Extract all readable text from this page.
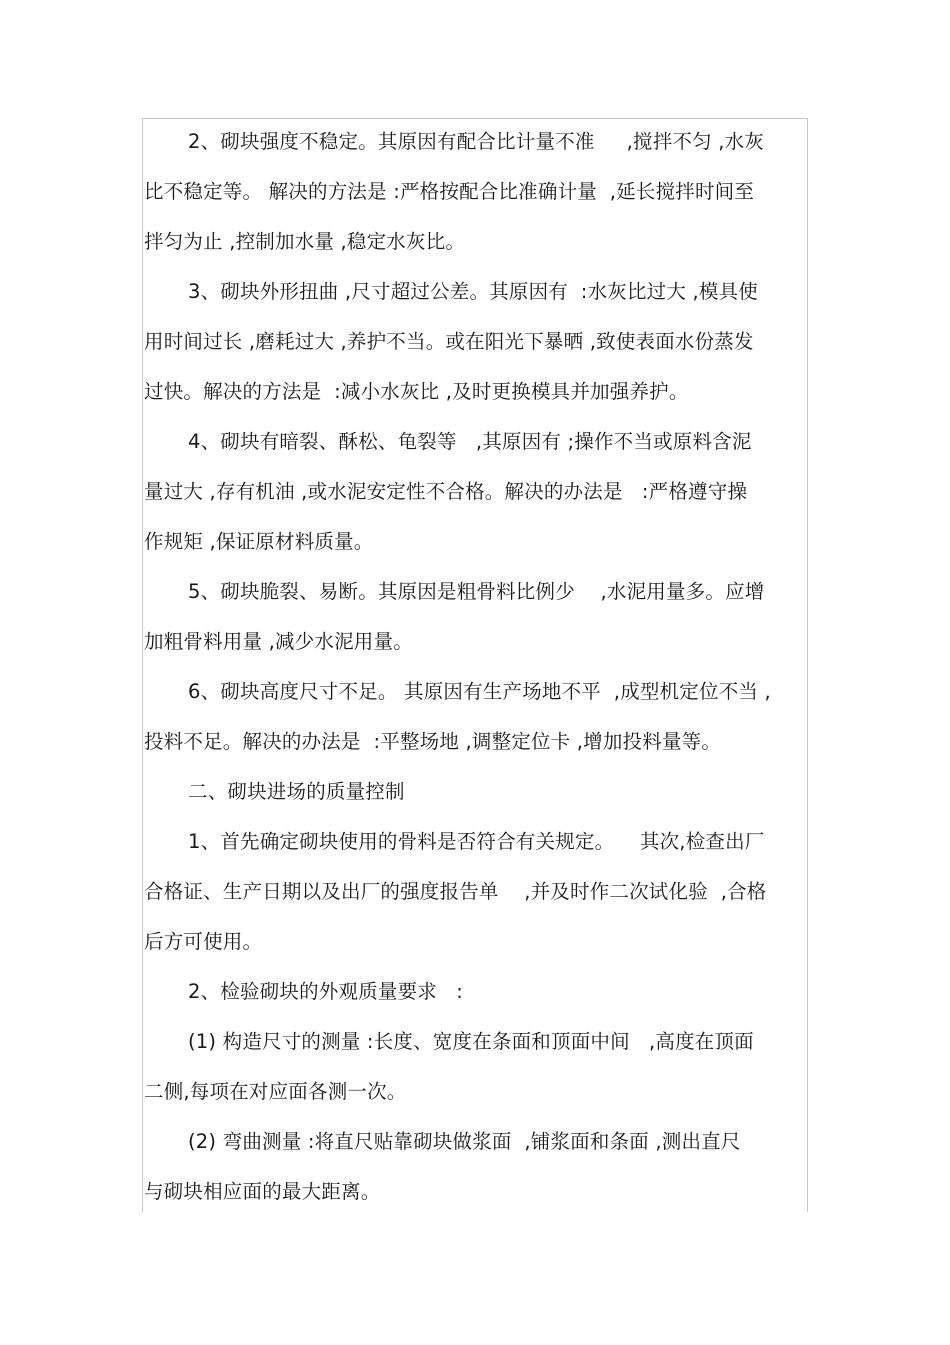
2、砌块强度不稳定。其原因有配合比计量不准     ,搅拌不匀 ,水灰
比不稳定等。 解决的方法是 :严格按配合比准确计量  ,延长搅拌时间至
拌匀为止 ,控制加水量 ,稳定水灰比。
3、砌块外形扭曲 ,尺寸超过公差。其原因有  :水灰比过大 ,模具使
用时间过长 ,磨耗过大 ,养护不当。或在阳光下暴晒 ,致使表面水份蒸发
过快。解决的方法是  :减小水灰比 ,及时更换模具并加强养护。
4、砌块有暗裂、酥松、龟裂等   ,其原因有 ;操作不当或原料含泥
量过大 ,存有机油 ,或水泥安定性不合格。解决的办法是   :严格遵守操
作规矩 ,保证原材料质量。
5、砌块脆裂、易断。其原因是粗骨料比例少    ,水泥用量多。应增
加粗骨料用量 ,减少水泥用量。
6、砌块高度尺寸不足。 其原因有生产场地不平  ,成型机定位不当 ,
投料不足。解决的办法是  :平整场地 ,调整定位卡 ,增加投料量等。
二、砌块进场的质量控制
1、首先确定砌块使用的骨料是否符合有关规定。    其次,检查出厂
合格证、生产日期以及出厂的强度报告单    ,并及时作二次试化验  ,合格
后方可使用。
2、检验砌块的外观质量要求   :
(1) 构造尺寸的测量 :长度、宽度在条面和顶面中间   ,高度在顶面
二侧,每项在对应面各测一次。
(2) 弯曲测量 :将直尺贴靠砌块做浆面  ,铺浆面和条面 ,测出直尺
与砌块相应面的最大距离。
